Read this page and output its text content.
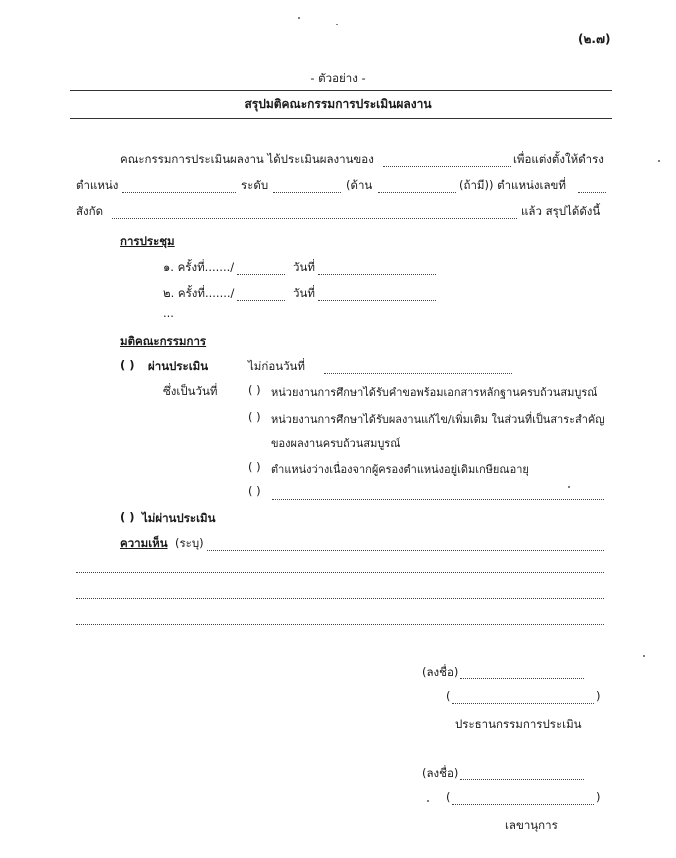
(๒.๗)
- ตัวอย่าง -
สรุปมติคณะกรรมการประเมินผลงาน
คณะกรรมการประเมินผลงาน ได้ประเมินผลงานของ	เพื่อแต่งตั้งให้ดำรง
ตำแหน่ง	ระดับ	(ด้าน	(ถ้ามี)) ตำแหน่งเลขที่
สังกัด	แล้ว สรุปได้ดังนี้
การประชุม
๑. ครั้งที่......./	วันที่
๒. ครั้งที่......./	วันที่
...
มติคณะกรรมการ
( ) ผ่านประเมิน	ไม่ก่อนวันที่
ซึ่งเป็นวันที่	( ) หน่วยงานการศึกษาได้รับคำขอพร้อมเอกสารหลักฐานครบถ้วนสมบูรณ์
( ) หน่วยงานการศึกษาได้รับผลงานแก้ไข/เพิ่มเติม ในส่วนที่เป็นสาระสำคัญ
ของผลงานครบถ้วนสมบูรณ์
( ) ตำแหน่งว่างเนื่องจากผู้ครองตำแหน่งอยู่เดิมเกษียณอายุ
( )
( ) ไม่ผ่านประเมิน
ความเห็น (ระบุ)
(ลงชื่อ)
(	)
ประธานกรรมการประเมิน
(ลงชื่อ)
(	)
เลขานุการ
